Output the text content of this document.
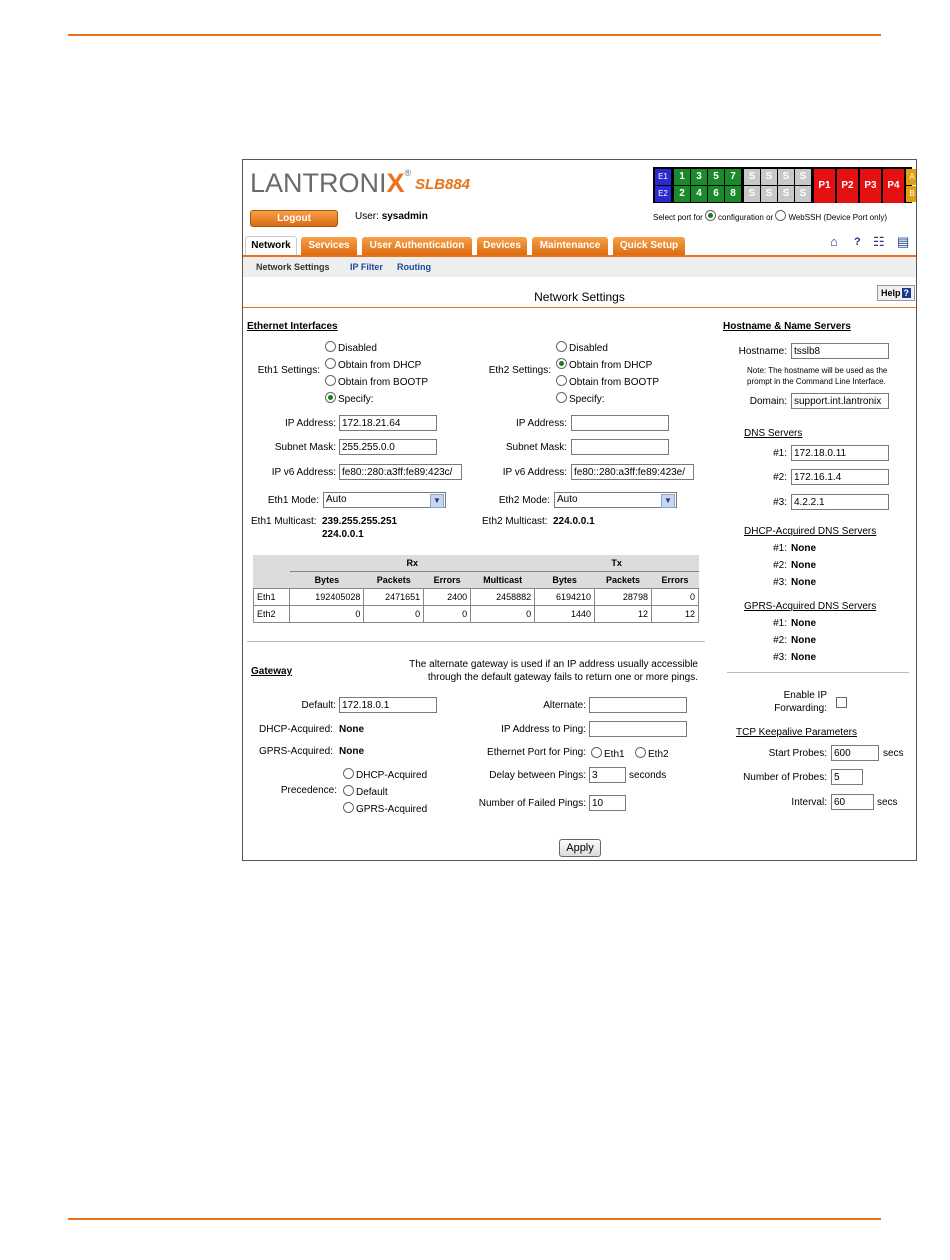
LANTRONIX®
SLB884
Logout	User: sysadmin
E1
E2
1	3	5	7
2	4	6	8
S	S	S	S
S	S	S	S
P1	P2	P3	P4
A
B
Select port for configuration or WebSSH (Device Port only)
Network	Services	User Authentication	Devices	Maintenance	Quick Setup	⌂ ? ☷ ▤
Network Settings IP Filter Routing
Network Settings	Help ?
Ethernet Interfaces
Eth1 Settings:
Disabled
Obtain from DHCP
Obtain from BOOTP
Specify:
IP Address: 172.18.21.64
Subnet Mask: 255.255.0.0
IP v6 Address: fe80::280:a3ff:fe89:423c/
Eth1 Mode: Auto	▼
Eth1 Multicast: 239.255.255.251
224.0.0.1
Eth2 Settings:
Disabled
Obtain from DHCP
Obtain from BOOTP
Specify:
IP Address:
Subnet Mask:
IP v6 Address: fe80::280:a3ff:fe89:423e/
Eth2 Mode: Auto	▼
Eth2 Multicast: 224.0.0.1
	Rx				Tx		
	Bytes	Packets	Errors	Multicast	Bytes	Packets	Errors
Eth1	192405028	2471651	2400	2458882	6194210	28798	0
Eth2	0	0	0	0	1440	12	12
Gateway
The alternate gateway is used if an IP address usually accessible
through the default gateway fails to return one or more pings.
Default: 172.18.0.1
DHCP-Acquired: None
GPRS-Acquired: None
Precedence:
DHCP-Acquired
Default
GPRS-Acquired
Alternate:
IP Address to Ping:
Ethernet Port for Ping:	Eth1	Eth2
Delay between Pings: 3	seconds
Number of Failed Pings: 10
Hostname & Name Servers
Hostname: tsslb8
Note: The hostname will be used as the
prompt in the Command Line Interface.
Domain: support.int.lantronix
DNS Servers
#1: 172.18.0.11
#2: 172.16.1.4
#3: 4.2.2.1
DHCP-Acquired DNS Servers
#1: None
#2: None
#3: None
GPRS-Acquired DNS Servers
#1: None
#2: None
#3: None
Enable IP
Forwarding:
TCP Keepalive Parameters
Start Probes: 600	secs
Number of Probes: 5
Interval: 60	secs
Apply
